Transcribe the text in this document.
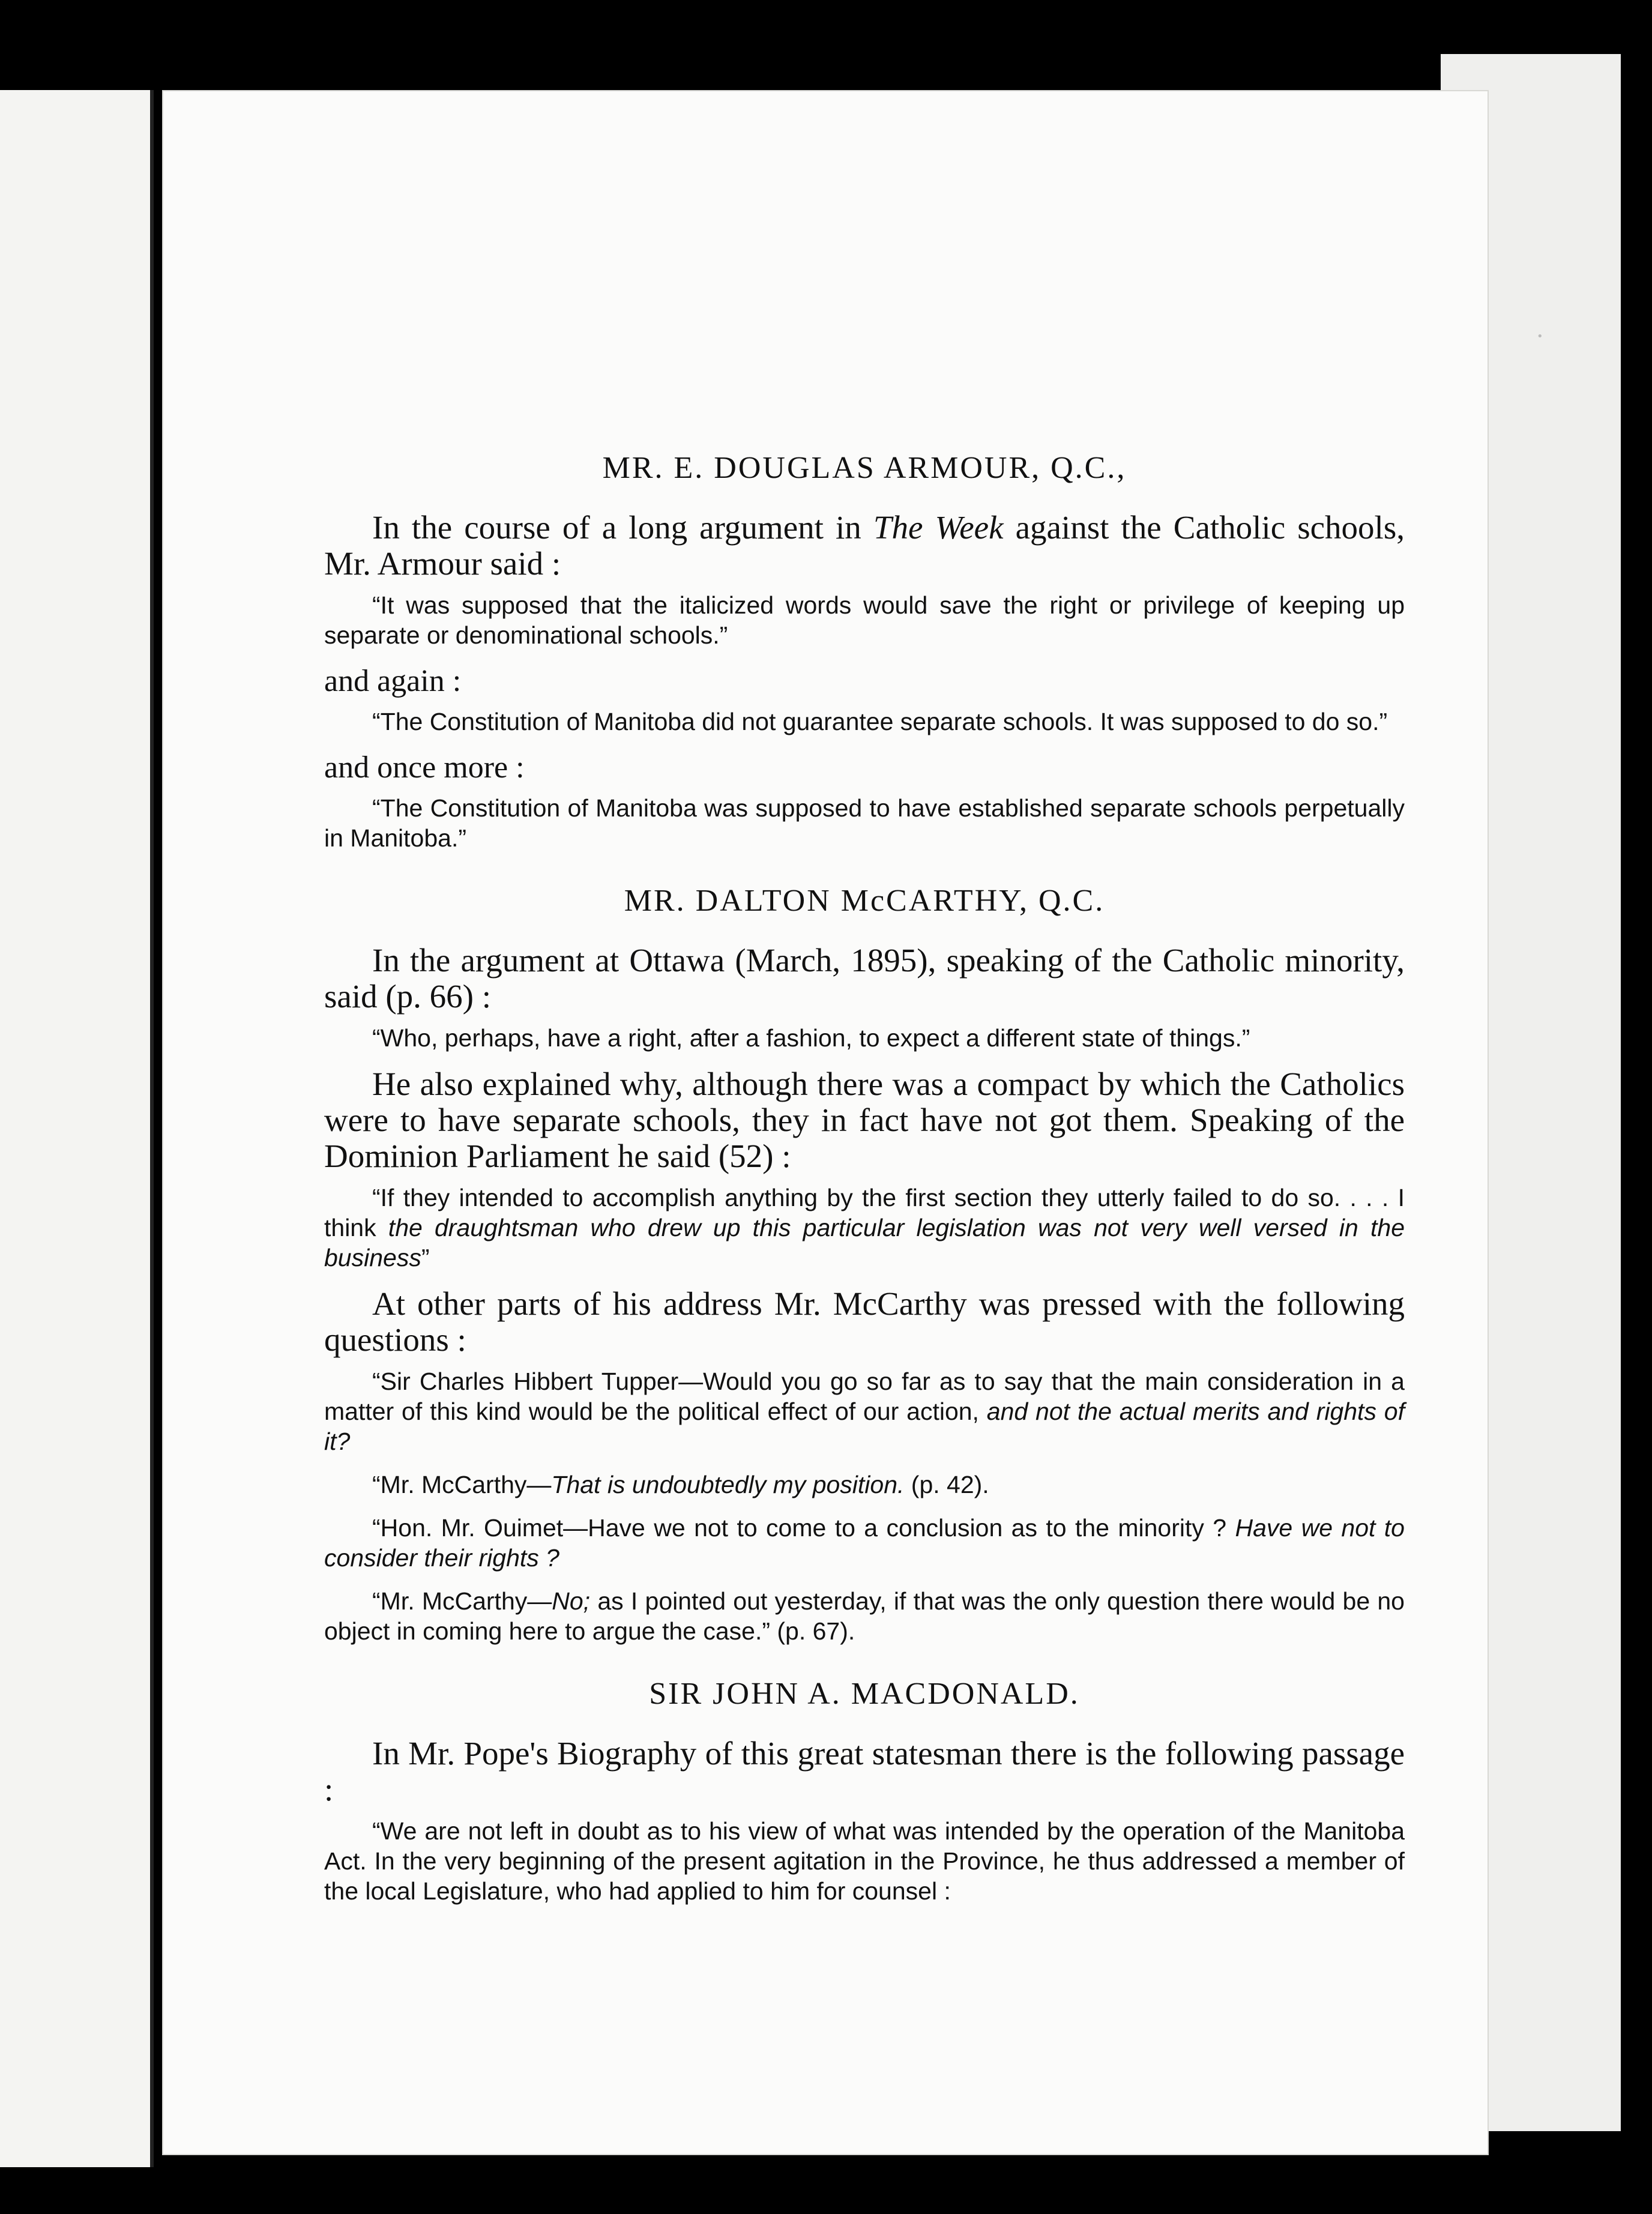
•
MR. E. DOUGLAS ARMOUR, Q.C.,

In the course of a long argument in The Week against the Catholic schools, Mr. Armour said :

“It was supposed that the italicized words would save the right or privilege of keeping up separate or denominational schools.”

and again :

“The Constitution of Manitoba did not guarantee separate schools. It was supposed to do so.”

and once more :

“The Constitution of Manitoba was supposed to have established separate schools perpetually in Manitoba.”

MR. DALTON McCARTHY, Q.C.

In the argument at Ottawa (March, 1895), speaking of the Catholic minority, said (p. 66) :

“Who, perhaps, have a right, after a fashion, to expect a different state of things.”

He also explained why, although there was a compact by which the Catholics were to have separate schools, they in fact have not got them. Speaking of the Dominion Parliament he said (52) :

“If they intended to accomplish anything by the first section they utterly failed to do so. . . . I think the draughtsman who drew up this particular legislation was not very well versed in the business”

At other parts of his address Mr. McCarthy was pressed with the following questions :

“Sir Charles Hibbert Tupper—Would you go so far as to say that the main consideration in a matter of this kind would be the political effect of our action, and not the actual merits and rights of it?

“Mr. McCarthy—That is undoubtedly my position. (p. 42).

“Hon. Mr. Ouimet—Have we not to come to a conclusion as to the minority ? Have we not to consider their rights ?

“Mr. McCarthy—No; as I pointed out yesterday, if that was the only question there would be no object in coming here to argue the case.” (p. 67).

SIR JOHN A. MACDONALD.

In Mr. Pope's Biography of this great statesman there is the following passage :

“We are not left in doubt as to his view of what was intended by the operation of the Manitoba Act. In the very beginning of the present agitation in the Province, he thus addressed a member of the local Legislature, who had applied to him for counsel :
